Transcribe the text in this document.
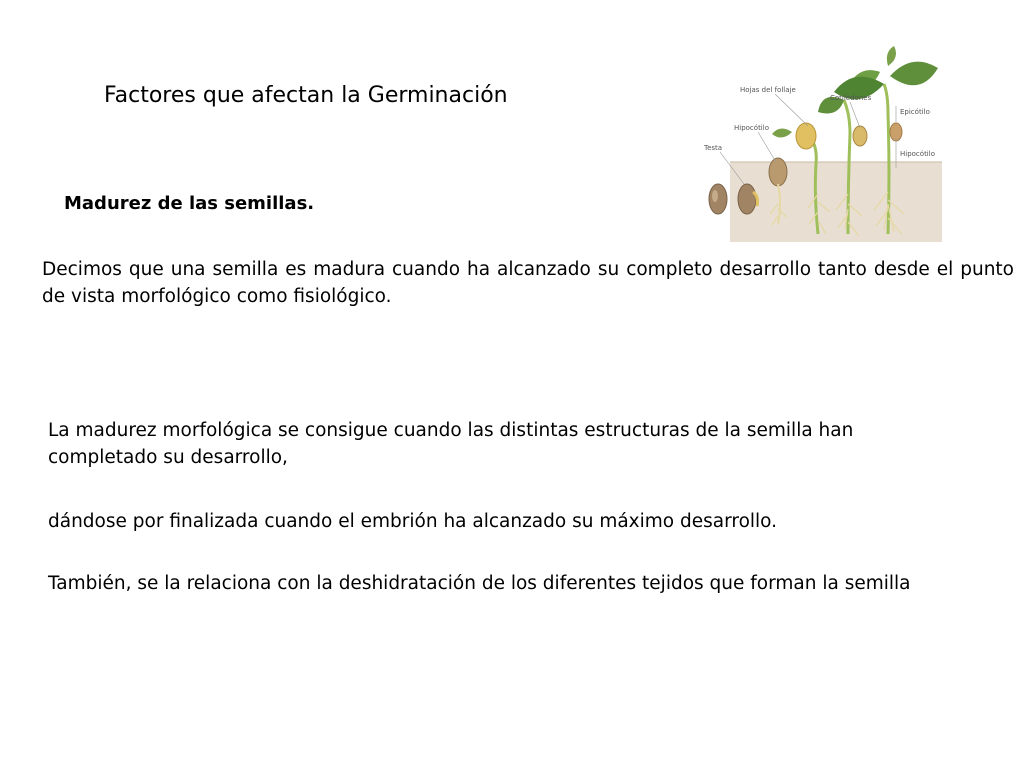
Factores que afectan la Germinación
Madurez de las semillas.

Decimos que una semilla es madura cuando ha alcanzado su completo desarrollo tanto desde el punto de vista morfológico como fisiológico.

La madurez morfológica se consigue cuando las distintas estructuras de la semilla han completado su desarrollo,

dándose por finalizada cuando el embrión ha alcanzado su máximo desarrollo.

También, se la relaciona con la deshidratación de los diferentes tejidos que forman la semilla

Hojas del follaje
Cotiledones
Epicótilo
Hipocótilo
Hipocótilo
Testa
